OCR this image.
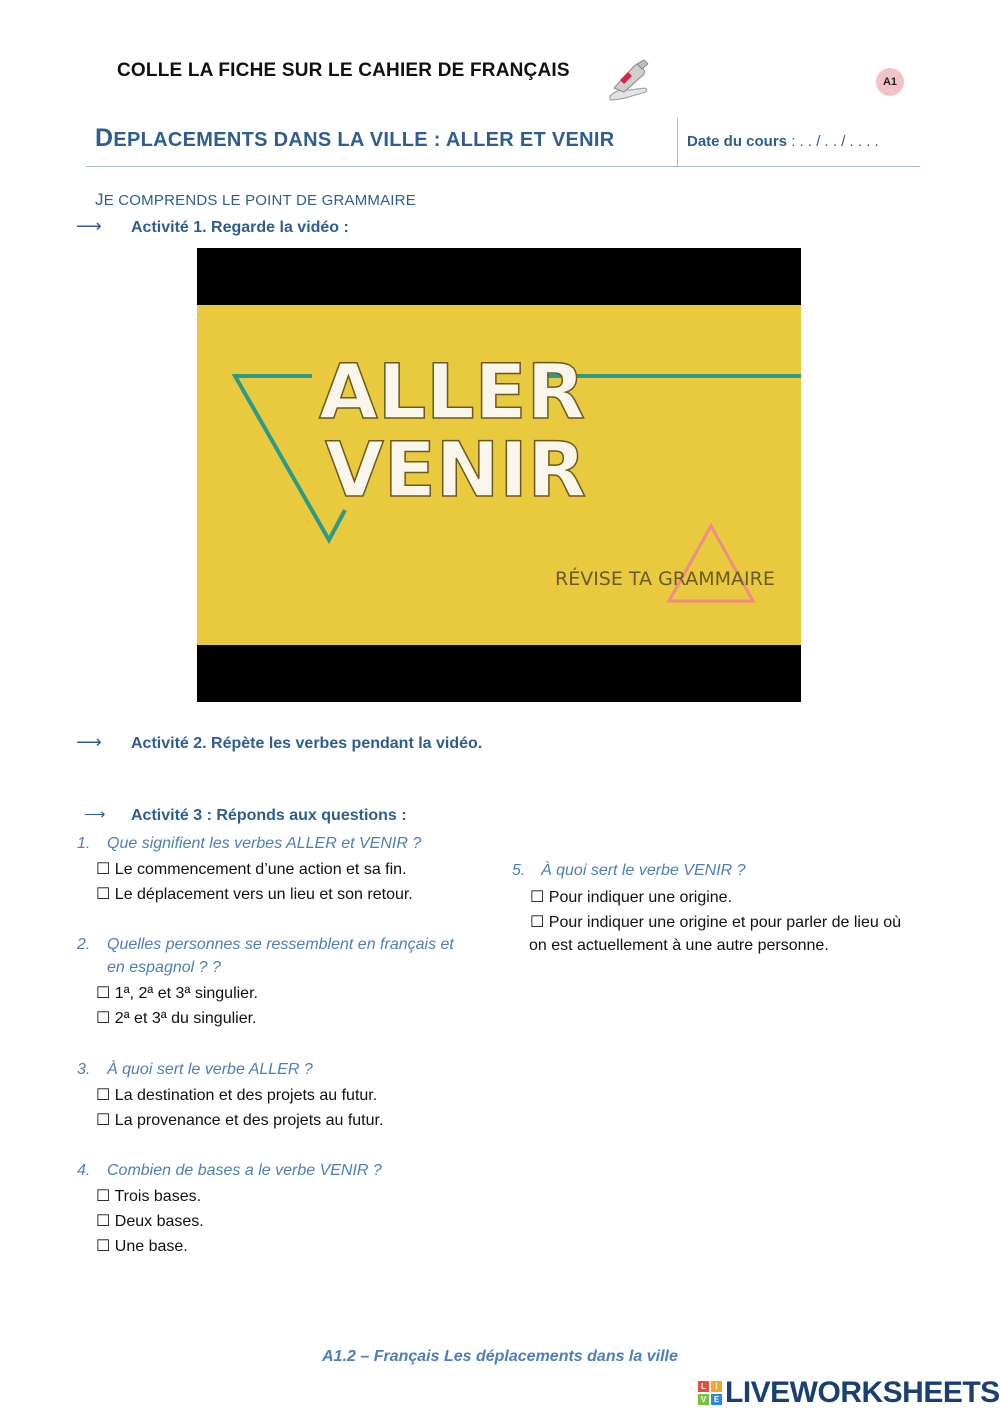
COLLE LA FICHE SUR LE CAHIER DE FRANÇAIS
A1
DEPLACEMENTS DANS LA VILLE : ALLER ET VENIR	Date du cours : . . / . . / . . . .
JE COMPRENDS LE POINT DE GRAMMAIRE
⟶ Activité 1. Regarde la vidéo :
ALLER
VENIR
RÉVISE TA GRAMMAIRE
⟶ Activité 2. Répète les verbes pendant la vidéo.
⟶ Activité 3 : Réponds aux questions :
1. Que signifient les verbes ALLER et VENIR ?
☐ Le commencement d’une action et sa fin.
☐ Le déplacement vers un lieu et son retour.
2. Quelles personnes se ressemblent en français et
en espagnol ? ?
☐ 1ª, 2ª et 3ª singulier.
☐ 2ª et 3ª du singulier.
3. À quoi sert le verbe ALLER ?
☐ La destination et des projets au futur.
☐ La provenance et des projets au futur.
4. Combien de bases a le verbe VENIR ?
☐ Trois bases.
☐ Deux bases.
☐ Une base.
5. À quoi sert le verbe VENIR ?
☐ Pour indiquer une origine.
☐ Pour indiquer une origine et pour parler de lieu où
on est actuellement à une autre personne.
A1.2 – Français Les déplacements dans la ville
L	I
V E LIVEWORKSHEETS
